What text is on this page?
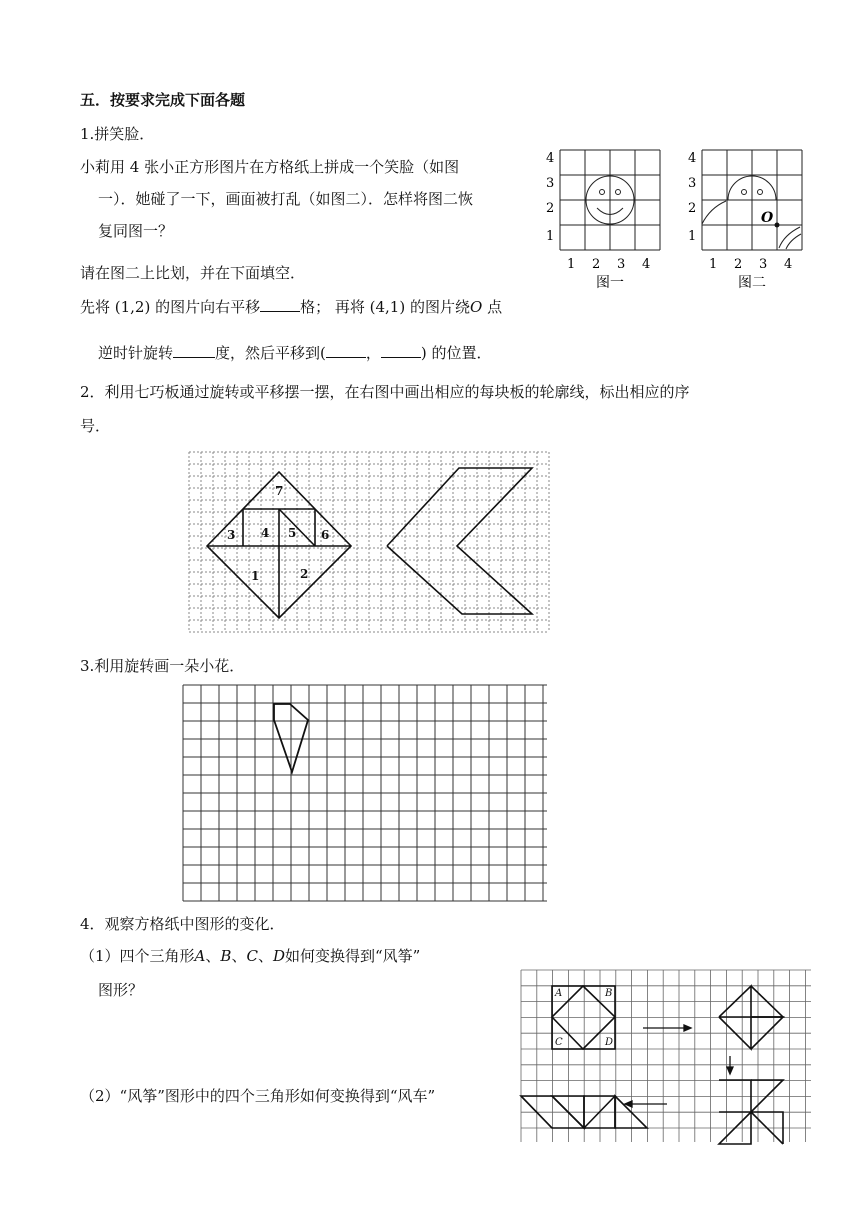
五．按要求完成下面各题
1.拼笑脸．
小莉用 4 张小正方形图片在方格纸上拼成一个笑脸（如图
一）．她碰了一下，画面被打乱（如图二）．怎样将图二恢
复同图一？
请在图二上比划，并在下面填空．
先将 (1,2) 的图片向右平移	格； 再将 (4,1) 的图片绕O 点
逆时针旋转	度，然后平移到(	，	) 的位置．
4
3
2
1
1 2 3 4
图一
O
4
3
2
1
1 2 3 4
图二
2．利用七巧板通过旋转或平移摆一摆，在右图中画出相应的每块板的轮廓线，标出相应的序
号．
1	2
3 4 5 6
7
3.利用旋转画一朵小花．
4．观察方格纸中图形的变化．
（1）四个三角形A、B、C、D如何变换得到“风筝”
图形？
（2）“风筝”图形中的四个三角形如何变换得到“风车”
A	B
C	D
